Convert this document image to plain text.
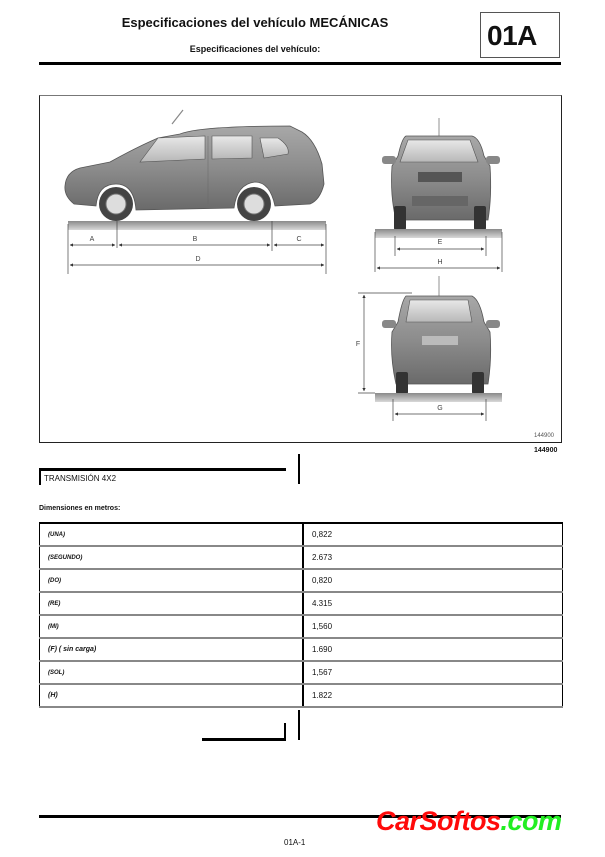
Especificaciones del vehículo MECÁNICAS
Especificaciones del vehículo:	01A
A	B	C
D
E
H
F
G
144900
144900
TRANSMISIÓN 4X2
Dimensiones en metros:
(UNA)	0,822
(SEGUNDO)	2.673
(DO)	0,820
(RE)	4.315
(MI)	1,560
(F) ( sin carga)	1.690
(SOL)	1,567
(H)	1.822
01A-1
CarSoftos.com
